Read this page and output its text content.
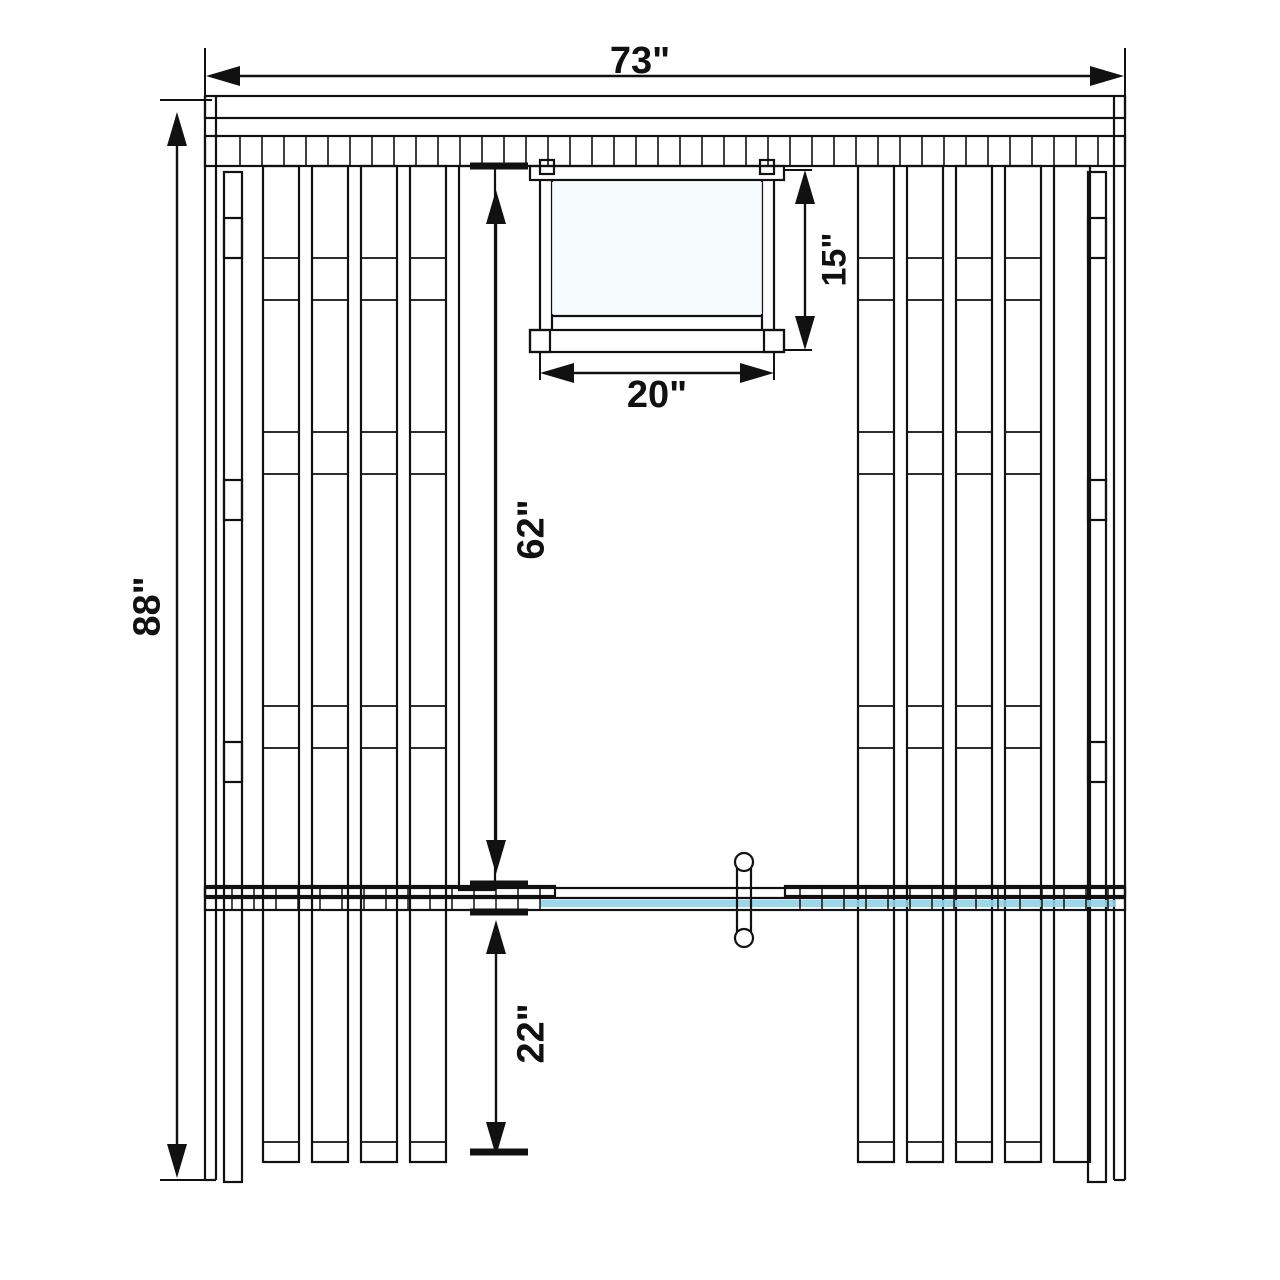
73"
88"
15"
20"
62"
22"
